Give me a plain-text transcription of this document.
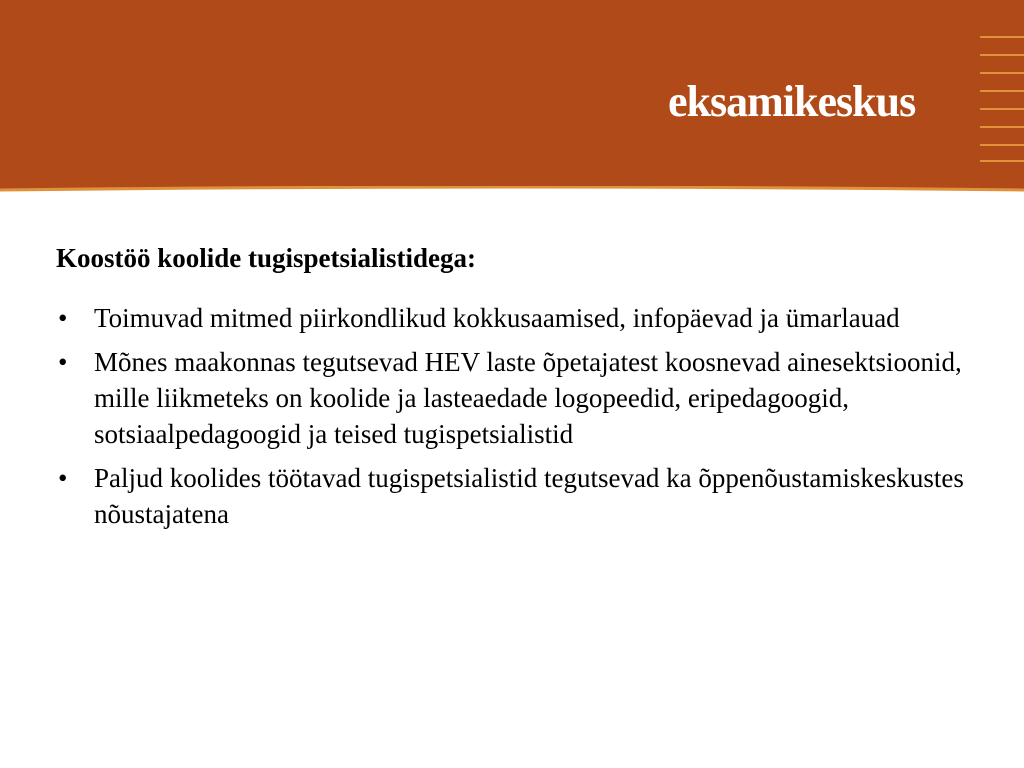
eksamikeskus
Koostöö koolide tugispetsialistidega:
• Toimuvad mitmed piirkondlikud kokkusaamised, infopäevad ja ümarlauad
• Mõnes maakonnas tegutsevad HEV laste õpetajatest koosnevad ainesektsioonid, mille liikmeteks on koolide ja lasteaedade logopeedid, eripedagoogid, sotsiaalpedagoogid ja teised tugispetsialistid
• Paljud koolides töötavad tugispetsialistid tegutsevad ka õppenõustamiskeskustes nõustajatena
